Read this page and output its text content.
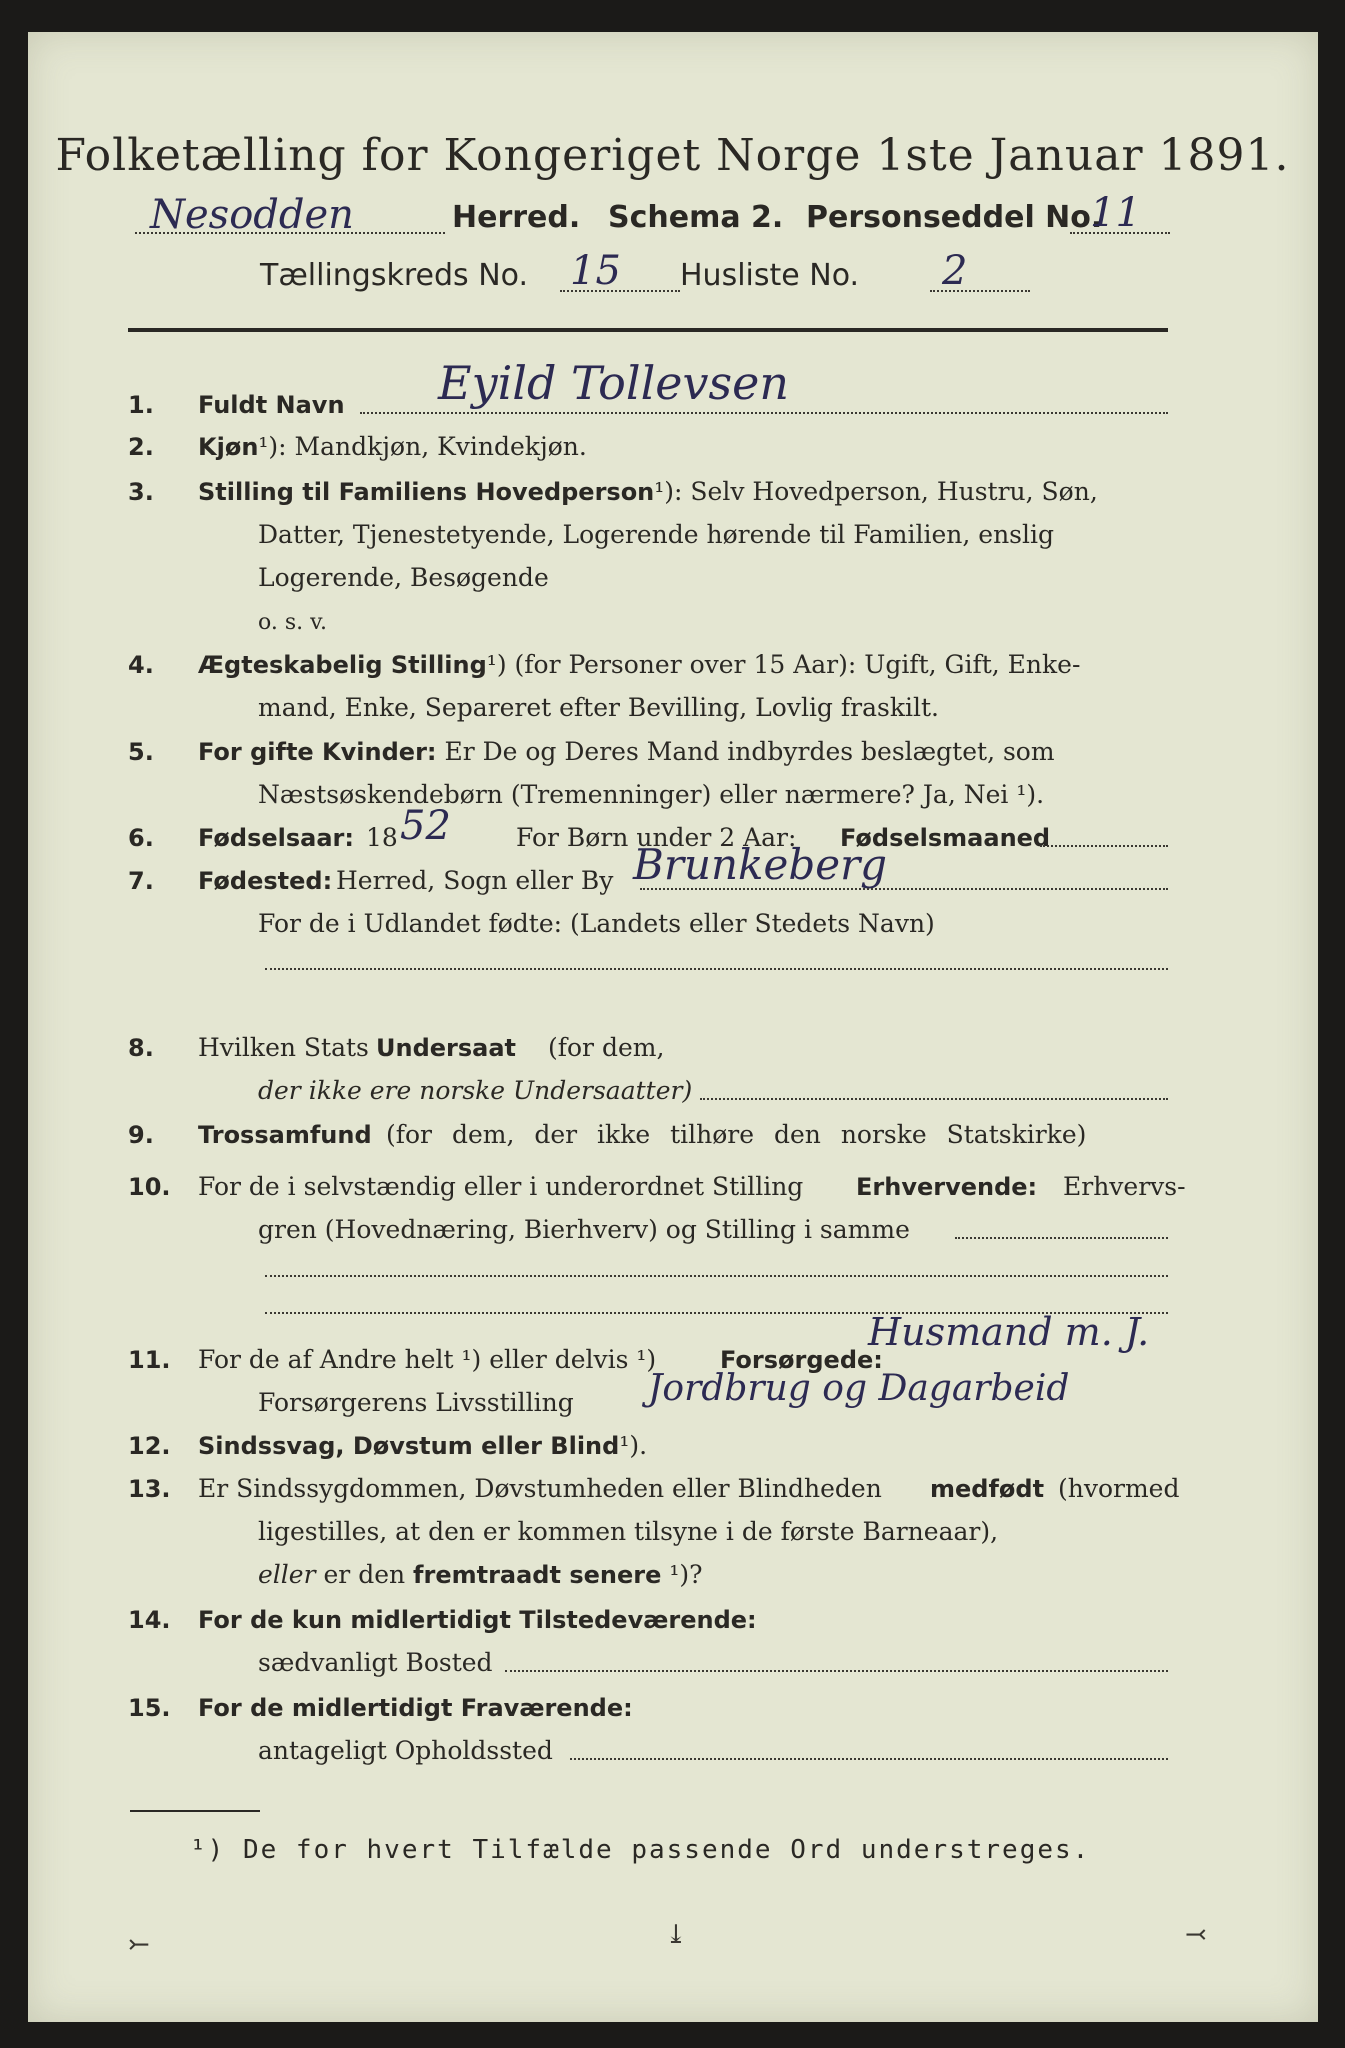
Folketælling for Kongeriget Norge 1ste Januar 1891.
Nesodden	Herred. Schema 2. Personseddel No.
11
Tællingskreds No. 15 Husliste No. 2
1.	Fuldt Navn Eyild Tollevsen
2.	Kjøn¹): Mandkjøn, Kvindekjøn.
3.	Stilling til Familiens Hovedperson¹): Selv Hovedperson, Hustru, Søn,
Datter, Tjenestetyende, Logerende hørende til Familien, enslig
Logerende, Besøgende
o. s. v.
4.	Ægteskabelig Stilling¹) (for Personer over 15 Aar): Ugift, Gift, Enke-
mand, Enke, Separeret efter Bevilling, Lovlig fraskilt.
5.	For gifte Kvinder: Er De og Deres Mand indbyrdes beslægtet, som
Næstsøskendebørn (Tremenninger) eller nærmere? Ja, Nei ¹).
6.	Fødselsaar: 18 52	For Børn under 2 Aar: Fødselsmaaned
7.	Fødested: Herred, Sogn eller By Brunkeberg
For de i Udlandet fødte: (Landets eller Stedets Navn)
8.	Hvilken Stats Undersaat (for dem,
der ikke ere norske Undersaatter)
9.	Trossamfund (for dem, der ikke tilhøre den norske Statskirke)
10. For de i selvstændig eller i underordnet Stilling Erhvervende: Erhvervs-
gren (Hovednæring, Bierhverv) og Stilling i samme
11. For de af Andre helt ¹) eller delvis ¹)	Forsørgede:
Husmand m. J.
Forsørgerens Livsstilling Jordbrug og Dagarbeid
12.	Sindssvag, Døvstum eller Blind¹).
13. Er Sindssygdommen, Døvstumheden eller Blindheden medfødt (hvormed
ligestilles, at den er kommen tilsyne i de første Barneaar),
eller er den fremtraadt senere ¹)?
14.	For de kun midlertidigt Tilstedeværende:
sædvanligt Bosted
15.	For de midlertidigt Fraværende:
antageligt Opholdssted
¹) De for hvert Tilfælde passende Ord understreges.
⤚	⤓	⤙
